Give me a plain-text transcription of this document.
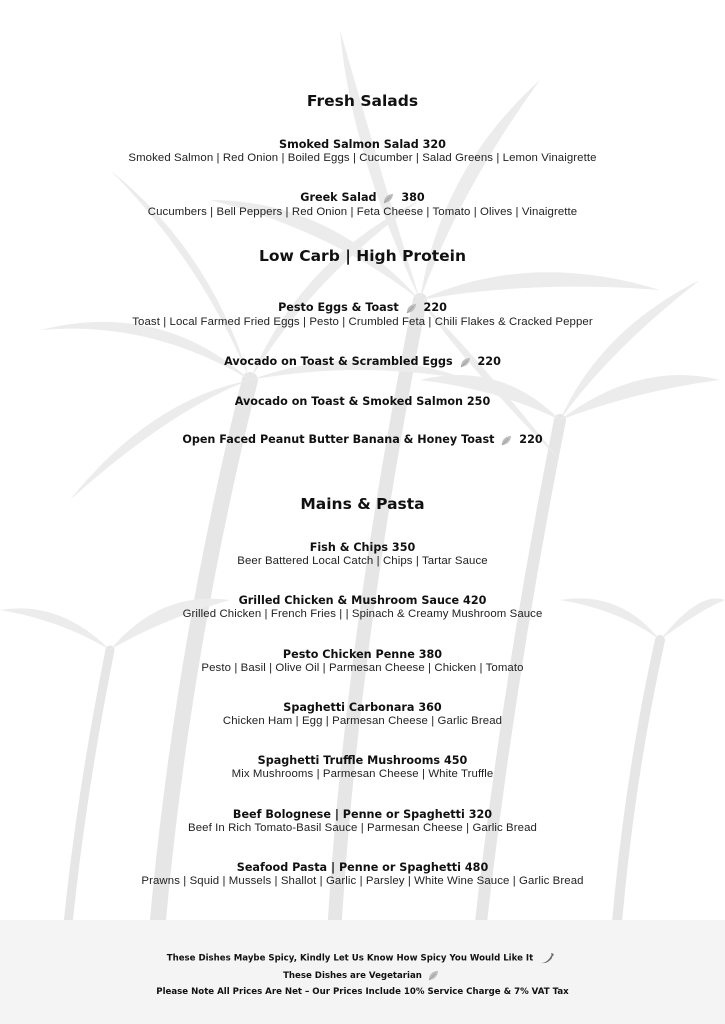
Fresh Salads
Smoked Salmon Salad 320
Smoked Salmon | Red Onion | Boiled Eggs | Cucumber | Salad Greens | Lemon Vinaigrette
Greek Salad 380
Cucumbers | Bell Peppers | Red Onion | Feta Cheese | Tomato | Olives | Vinaigrette
Low Carb | High Protein
Pesto Eggs & Toast 220
Toast | Local Farmed Fried Eggs | Pesto | Crumbled Feta | Chili Flakes & Cracked Pepper
Avocado on Toast & Scrambled Eggs 220
Avocado on Toast & Smoked Salmon 250
Open Faced Peanut Butter Banana & Honey Toast 220
Mains & Pasta
Fish & Chips 350
Beer Battered Local Catch | Chips | Tartar Sauce
Grilled Chicken & Mushroom Sauce 420
Grilled Chicken | French Fries | | Spinach & Creamy Mushroom Sauce
Pesto Chicken Penne 380
Pesto | Basil | Olive Oil | Parmesan Cheese | Chicken | Tomato
Spaghetti Carbonara 360
Chicken Ham | Egg | Parmesan Cheese | Garlic Bread
Spaghetti Truffle Mushrooms 450
Mix Mushrooms | Parmesan Cheese | White Truffle
Beef Bolognese | Penne or Spaghetti 320
Beef In Rich Tomato-Basil Sauce | Parmesan Cheese | Garlic Bread
Seafood Pasta | Penne or Spaghetti 480
Prawns | Squid | Mussels | Shallot | Garlic | Parsley | White Wine Sauce | Garlic Bread
These Dishes Maybe Spicy, Kindly Let Us Know How Spicy You Would Like It
These Dishes are Vegetarian
Please Note All Prices Are Net – Our Prices Include 10% Service Charge & 7% VAT Tax
